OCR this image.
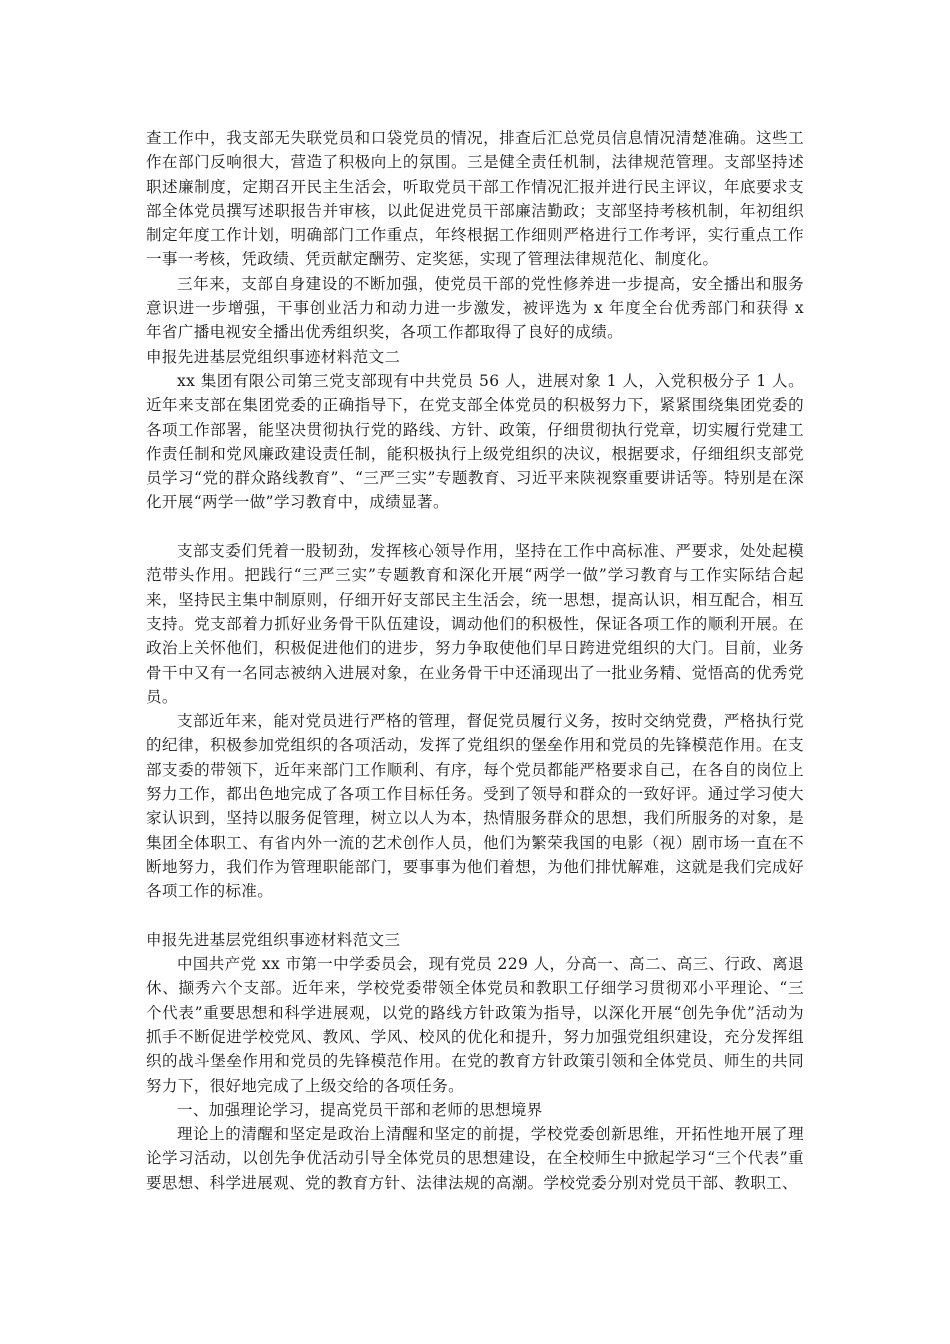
查工作中，我支部无失联党员和口袋党员的情况，排查后汇总党员信息情况清楚准确。这些工作在部门反响很大，营造了积极向上的氛围。三是健全责任机制，法律规范管理。支部坚持述职述廉制度，定期召开民主生活会，听取党员干部工作情况汇报并进行民主评议，年底要求支部全体党员撰写述职报告并审核，以此促进党员干部廉洁勤政；支部坚持考核机制，年初组织制定年度工作计划，明确部门工作重点，年终根据工作细则严格进行工作考评，实行重点工作一事一考核，凭政绩、凭贡献定酬劳、定奖惩，实现了管理法律规范化、制度化。

三年来，支部自身建设的不断加强，使党员干部的党性修养进一步提高，安全播出和服务意识进一步增强，干事创业活力和动力进一步激发，被评选为 x 年度全台优秀部门和获得 x 年省广播电视安全播出优秀组织奖，各项工作都取得了良好的成绩。

申报先进基层党组织事迹材料范文二

xx 集团有限公司第三党支部现有中共党员 56 人，进展对象 1 人，入党积极分子 1 人。近年来支部在集团党委的正确指导下，在党支部全体党员的积极努力下，紧紧围绕集团党委的各项工作部署，能坚决贯彻执行党的路线、方针、政策，仔细贯彻执行党章，切实履行党建工作责任制和党风廉政建设责任制，能积极执行上级党组织的决议，根据要求，仔细组织支部党员学习“党的群众路线教育”、“三严三实”专题教育、习近平来陕视察重要讲话等。特别是在深化开展“两学一做”学习教育中，成绩显著。

支部支委们凭着一股韧劲，发挥核心领导作用，坚持在工作中高标准、严要求，处处起模范带头作用。把践行“三严三实”专题教育和深化开展“两学一做”学习教育与工作实际结合起来，坚持民主集中制原则，仔细开好支部民主生活会，统一思想，提高认识，相互配合，相互支持。党支部着力抓好业务骨干队伍建设，调动他们的积极性，保证各项工作的顺利开展。在政治上关怀他们，积极促进他们的进步，努力争取使他们早日跨进党组织的大门。目前，业务骨干中又有一名同志被纳入进展对象，在业务骨干中还涌现出了一批业务精、觉悟高的优秀党员。

支部近年来，能对党员进行严格的管理，督促党员履行义务，按时交纳党费，严格执行党的纪律，积极参加党组织的各项活动，发挥了党组织的堡垒作用和党员的先锋模范作用。在支部支委的带领下，近年来部门工作顺利、有序，每个党员都能严格要求自己，在各自的岗位上努力工作，都出色地完成了各项工作目标任务。受到了领导和群众的一致好评。通过学习使大家认识到，坚持以服务促管理，树立以人为本，热情服务群众的思想，我们所服务的对象，是集团全体职工、有省内外一流的艺术创作人员，他们为繁荣我国的电影（视）剧市场一直在不断地努力，我们作为管理职能部门，要事事为他们着想，为他们排忧解难，这就是我们完成好各项工作的标准。

申报先进基层党组织事迹材料范文三

中国共产党 xx 市第一中学委员会，现有党员 229 人，分高一、高二、高三、行政、离退休、撷秀六个支部。近年来，学校党委带领全体党员和教职工仔细学习贯彻邓小平理论、“三个代表”重要思想和科学进展观，以党的路线方针政策为指导，以深化开展“创先争优”活动为抓手不断促进学校党风、教风、学风、校风的优化和提升，努力加强党组织建设，充分发挥组织的战斗堡垒作用和党员的先锋模范作用。在党的教育方针政策引领和全体党员、师生的共同努力下，很好地完成了上级交给的各项任务。

一、加强理论学习，提高党员干部和老师的思想境界

理论上的清醒和坚定是政治上清醒和坚定的前提，学校党委创新思维，开拓性地开展了理论学习活动，以创先争优活动引导全体党员的思想建设，在全校师生中掀起学习“三个代表”重要思想、科学进展观、党的教育方针、法律法规的高潮。学校党委分别对党员干部、教职工、
